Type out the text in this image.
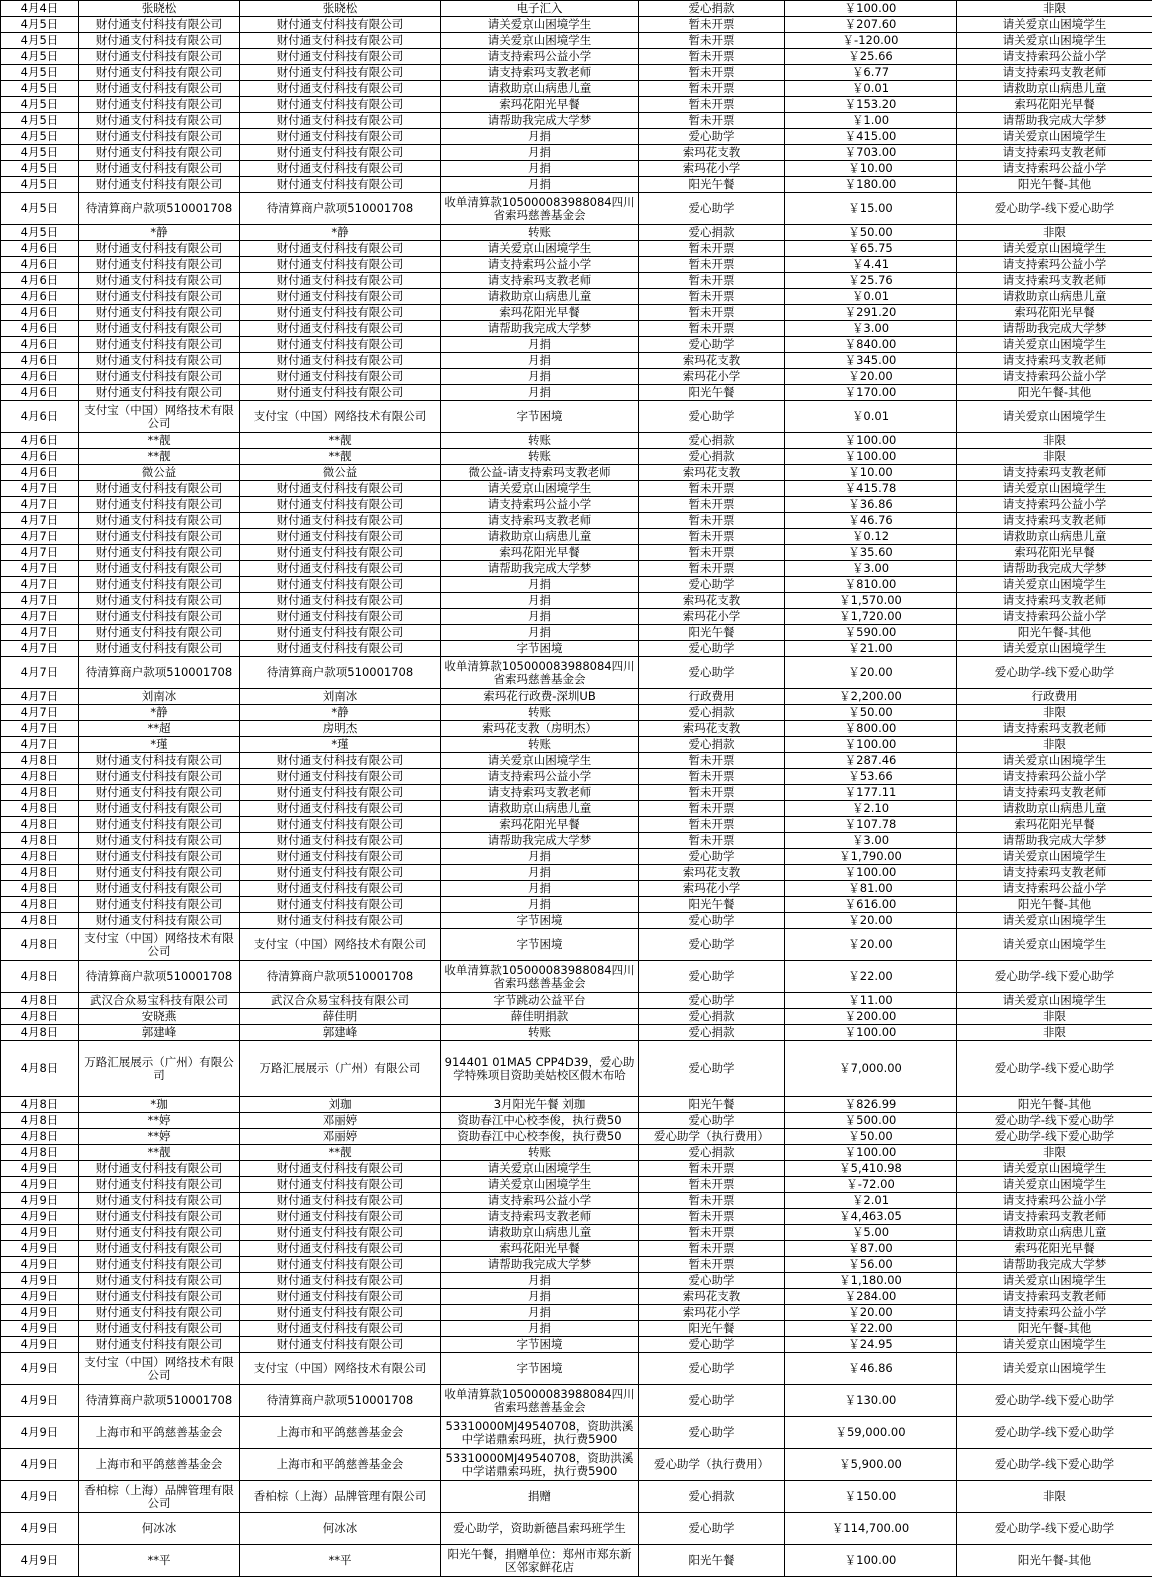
4月4日	张晓松	张晓松	电子汇入	爱心捐款	￥100.00	非限
4月5日	财付通支付科技有限公司	财付通支付科技有限公司	请关爱京山困境学生	暂未开票	￥207.60	请关爱京山困境学生
4月5日	财付通支付科技有限公司	财付通支付科技有限公司	请关爱京山困境学生	暂未开票	￥-120.00	请关爱京山困境学生
4月5日	财付通支付科技有限公司	财付通支付科技有限公司	请支持索玛公益小学	暂未开票	￥25.66	请支持索玛公益小学
4月5日	财付通支付科技有限公司	财付通支付科技有限公司	请支持索玛支教老师	暂未开票	￥6.77	请支持索玛支教老师
4月5日	财付通支付科技有限公司	财付通支付科技有限公司	请救助京山病患儿童	暂未开票	￥0.01	请救助京山病患儿童
4月5日	财付通支付科技有限公司	财付通支付科技有限公司	索玛花阳光早餐	暂未开票	￥153.20	索玛花阳光早餐
4月5日	财付通支付科技有限公司	财付通支付科技有限公司	请帮助我完成大学梦	暂未开票	￥1.00	请帮助我完成大学梦
4月5日	财付通支付科技有限公司	财付通支付科技有限公司	月捐	爱心助学	￥415.00	请关爱京山困境学生
4月5日	财付通支付科技有限公司	财付通支付科技有限公司	月捐	索玛花支教	￥703.00	请支持索玛支教老师
4月5日	财付通支付科技有限公司	财付通支付科技有限公司	月捐	索玛花小学	￥10.00	请支持索玛公益小学
4月5日	财付通支付科技有限公司	财付通支付科技有限公司	月捐	阳光午餐	￥180.00	阳光午餐-其他
4月5日	待清算商户款项510001708	待清算商户款项510001708	收单清算款105000083988084四川省索玛慈善基金会	爱心助学	￥15.00	爱心助学-线下爱心助学
4月5日	*静	*静	转账	爱心捐款	￥50.00	非限
4月6日	财付通支付科技有限公司	财付通支付科技有限公司	请关爱京山困境学生	暂未开票	￥65.75	请关爱京山困境学生
4月6日	财付通支付科技有限公司	财付通支付科技有限公司	请支持索玛公益小学	暂未开票	￥4.41	请支持索玛公益小学
4月6日	财付通支付科技有限公司	财付通支付科技有限公司	请支持索玛支教老师	暂未开票	￥25.76	请支持索玛支教老师
4月6日	财付通支付科技有限公司	财付通支付科技有限公司	请救助京山病患儿童	暂未开票	￥0.01	请救助京山病患儿童
4月6日	财付通支付科技有限公司	财付通支付科技有限公司	索玛花阳光早餐	暂未开票	￥291.20	索玛花阳光早餐
4月6日	财付通支付科技有限公司	财付通支付科技有限公司	请帮助我完成大学梦	暂未开票	￥3.00	请帮助我完成大学梦
4月6日	财付通支付科技有限公司	财付通支付科技有限公司	月捐	爱心助学	￥840.00	请关爱京山困境学生
4月6日	财付通支付科技有限公司	财付通支付科技有限公司	月捐	索玛花支教	￥345.00	请支持索玛支教老师
4月6日	财付通支付科技有限公司	财付通支付科技有限公司	月捐	索玛花小学	￥20.00	请支持索玛公益小学
4月6日	财付通支付科技有限公司	财付通支付科技有限公司	月捐	阳光午餐	￥170.00	阳光午餐-其他
4月6日	支付宝（中国）网络技术有限公司	支付宝（中国）网络技术有限公司	字节困境	爱心助学	￥0.01	请关爱京山困境学生
4月6日	**靓	**靓	转账	爱心捐款	￥100.00	非限
4月6日	**靓	**靓	转账	爱心捐款	￥100.00	非限
4月6日	微公益	微公益	微公益-请支持索玛支教老师	索玛花支教	￥10.00	请支持索玛支教老师
4月7日	财付通支付科技有限公司	财付通支付科技有限公司	请关爱京山困境学生	暂未开票	￥415.78	请关爱京山困境学生
4月7日	财付通支付科技有限公司	财付通支付科技有限公司	请支持索玛公益小学	暂未开票	￥36.86	请支持索玛公益小学
4月7日	财付通支付科技有限公司	财付通支付科技有限公司	请支持索玛支教老师	暂未开票	￥46.76	请支持索玛支教老师
4月7日	财付通支付科技有限公司	财付通支付科技有限公司	请救助京山病患儿童	暂未开票	￥0.12	请救助京山病患儿童
4月7日	财付通支付科技有限公司	财付通支付科技有限公司	索玛花阳光早餐	暂未开票	￥35.60	索玛花阳光早餐
4月7日	财付通支付科技有限公司	财付通支付科技有限公司	请帮助我完成大学梦	暂未开票	￥3.00	请帮助我完成大学梦
4月7日	财付通支付科技有限公司	财付通支付科技有限公司	月捐	爱心助学	￥810.00	请关爱京山困境学生
4月7日	财付通支付科技有限公司	财付通支付科技有限公司	月捐	索玛花支教	￥1,570.00	请支持索玛支教老师
4月7日	财付通支付科技有限公司	财付通支付科技有限公司	月捐	索玛花小学	￥1,720.00	请支持索玛公益小学
4月7日	财付通支付科技有限公司	财付通支付科技有限公司	月捐	阳光午餐	￥590.00	阳光午餐-其他
4月7日	财付通支付科技有限公司	财付通支付科技有限公司	字节困境	爱心助学	￥21.00	请关爱京山困境学生
4月7日	待清算商户款项510001708	待清算商户款项510001708	收单清算款105000083988084四川省索玛慈善基金会	爱心助学	￥20.00	爱心助学-线下爱心助学
4月7日	刘南冰	刘南冰	索玛花行政费-深圳UB	行政费用	￥2,200.00	行政费用
4月7日	*静	*静	转账	爱心捐款	￥50.00	非限
4月7日	**超	房明杰	索玛花支教（房明杰）	索玛花支教	￥800.00	请支持索玛支教老师
4月7日	*瑾	*瑾	转账	爱心捐款	￥100.00	非限
4月8日	财付通支付科技有限公司	财付通支付科技有限公司	请关爱京山困境学生	暂未开票	￥287.46	请关爱京山困境学生
4月8日	财付通支付科技有限公司	财付通支付科技有限公司	请支持索玛公益小学	暂未开票	￥53.66	请支持索玛公益小学
4月8日	财付通支付科技有限公司	财付通支付科技有限公司	请支持索玛支教老师	暂未开票	￥177.11	请支持索玛支教老师
4月8日	财付通支付科技有限公司	财付通支付科技有限公司	请救助京山病患儿童	暂未开票	￥2.10	请救助京山病患儿童
4月8日	财付通支付科技有限公司	财付通支付科技有限公司	索玛花阳光早餐	暂未开票	￥107.78	索玛花阳光早餐
4月8日	财付通支付科技有限公司	财付通支付科技有限公司	请帮助我完成大学梦	暂未开票	￥3.00	请帮助我完成大学梦
4月8日	财付通支付科技有限公司	财付通支付科技有限公司	月捐	爱心助学	￥1,790.00	请关爱京山困境学生
4月8日	财付通支付科技有限公司	财付通支付科技有限公司	月捐	索玛花支教	￥100.00	请支持索玛支教老师
4月8日	财付通支付科技有限公司	财付通支付科技有限公司	月捐	索玛花小学	￥81.00	请支持索玛公益小学
4月8日	财付通支付科技有限公司	财付通支付科技有限公司	月捐	阳光午餐	￥616.00	阳光午餐-其他
4月8日	财付通支付科技有限公司	财付通支付科技有限公司	字节困境	爱心助学	￥20.00	请关爱京山困境学生
4月8日	支付宝（中国）网络技术有限公司	支付宝（中国）网络技术有限公司	字节困境	爱心助学	￥20.00	请关爱京山困境学生
4月8日	待清算商户款项510001708	待清算商户款项510001708	收单清算款105000083988084四川省索玛慈善基金会	爱心助学	￥22.00	爱心助学-线下爱心助学
4月8日	武汉合众易宝科技有限公司	武汉合众易宝科技有限公司	字节跳动公益平台	爱心助学	￥11.00	请关爱京山困境学生
4月8日	安晓燕	薛佳明	薛佳明捐款	爱心捐款	￥200.00	非限
4月8日	郭建峰	郭建峰	转账	爱心捐款	￥100.00	非限
4月8日	万路汇展展示（广州）有限公司	万路汇展展示（广州）有限公司	914401 01MA5 CPP4D39，爱心助学特殊项目资助美姑校区假木布哈	爱心助学	￥7,000.00	爱心助学-线下爱心助学
4月8日	*珈	刘珈	3月阳光午餐 刘珈	阳光午餐	￥826.99	阳光午餐-其他
4月8日	**婷	邓丽婷	资助春江中心校李俊，执行费50	爱心助学	￥500.00	爱心助学-线下爱心助学
4月8日	**婷	邓丽婷	资助春江中心校李俊，执行费50	爱心助学（执行费用）	￥50.00	爱心助学-线下爱心助学
4月8日	**靓	**靓	转账	爱心捐款	￥100.00	非限
4月9日	财付通支付科技有限公司	财付通支付科技有限公司	请关爱京山困境学生	暂未开票	￥5,410.98	请关爱京山困境学生
4月9日	财付通支付科技有限公司	财付通支付科技有限公司	请关爱京山困境学生	暂未开票	￥-72.00	请关爱京山困境学生
4月9日	财付通支付科技有限公司	财付通支付科技有限公司	请支持索玛公益小学	暂未开票	￥2.01	请支持索玛公益小学
4月9日	财付通支付科技有限公司	财付通支付科技有限公司	请支持索玛支教老师	暂未开票	￥4,463.05	请支持索玛支教老师
4月9日	财付通支付科技有限公司	财付通支付科技有限公司	请救助京山病患儿童	暂未开票	￥5.00	请救助京山病患儿童
4月9日	财付通支付科技有限公司	财付通支付科技有限公司	索玛花阳光早餐	暂未开票	￥87.00	索玛花阳光早餐
4月9日	财付通支付科技有限公司	财付通支付科技有限公司	请帮助我完成大学梦	暂未开票	￥56.00	请帮助我完成大学梦
4月9日	财付通支付科技有限公司	财付通支付科技有限公司	月捐	爱心助学	￥1,180.00	请关爱京山困境学生
4月9日	财付通支付科技有限公司	财付通支付科技有限公司	月捐	索玛花支教	￥284.00	请支持索玛支教老师
4月9日	财付通支付科技有限公司	财付通支付科技有限公司	月捐	索玛花小学	￥20.00	请支持索玛公益小学
4月9日	财付通支付科技有限公司	财付通支付科技有限公司	月捐	阳光午餐	￥22.00	阳光午餐-其他
4月9日	财付通支付科技有限公司	财付通支付科技有限公司	字节困境	爱心助学	￥24.95	请关爱京山困境学生
4月9日	支付宝（中国）网络技术有限公司	支付宝（中国）网络技术有限公司	字节困境	爱心助学	￥46.86	请关爱京山困境学生
4月9日	待清算商户款项510001708	待清算商户款项510001708	收单清算款105000083988084四川省索玛慈善基金会	爱心助学	￥130.00	爱心助学-线下爱心助学
4月9日	上海市和平鸽慈善基金会	上海市和平鸽慈善基金会	53310000MJ49540708，资助洪溪中学诺鼎索玛班，执行费5900	爱心助学	￥59,000.00	爱心助学-线下爱心助学
4月9日	上海市和平鸽慈善基金会	上海市和平鸽慈善基金会	53310000MJ49540708，资助洪溪中学诺鼎索玛班，执行费5900	爱心助学（执行费用）	￥5,900.00	爱心助学-线下爱心助学
4月9日	香柏棕（上海）品牌管理有限公司	香柏棕（上海）品牌管理有限公司	捐赠	爱心捐款	￥150.00	非限
4月9日	何冰冰	何冰冰	爱心助学，资助新德昌索玛班学生	爱心助学	￥114,700.00	爱心助学-线下爱心助学
4月9日	**平	**平	阳光午餐，捐赠单位：郑州市郑东新区邻家鲜花店	阳光午餐	￥100.00	阳光午餐-其他
